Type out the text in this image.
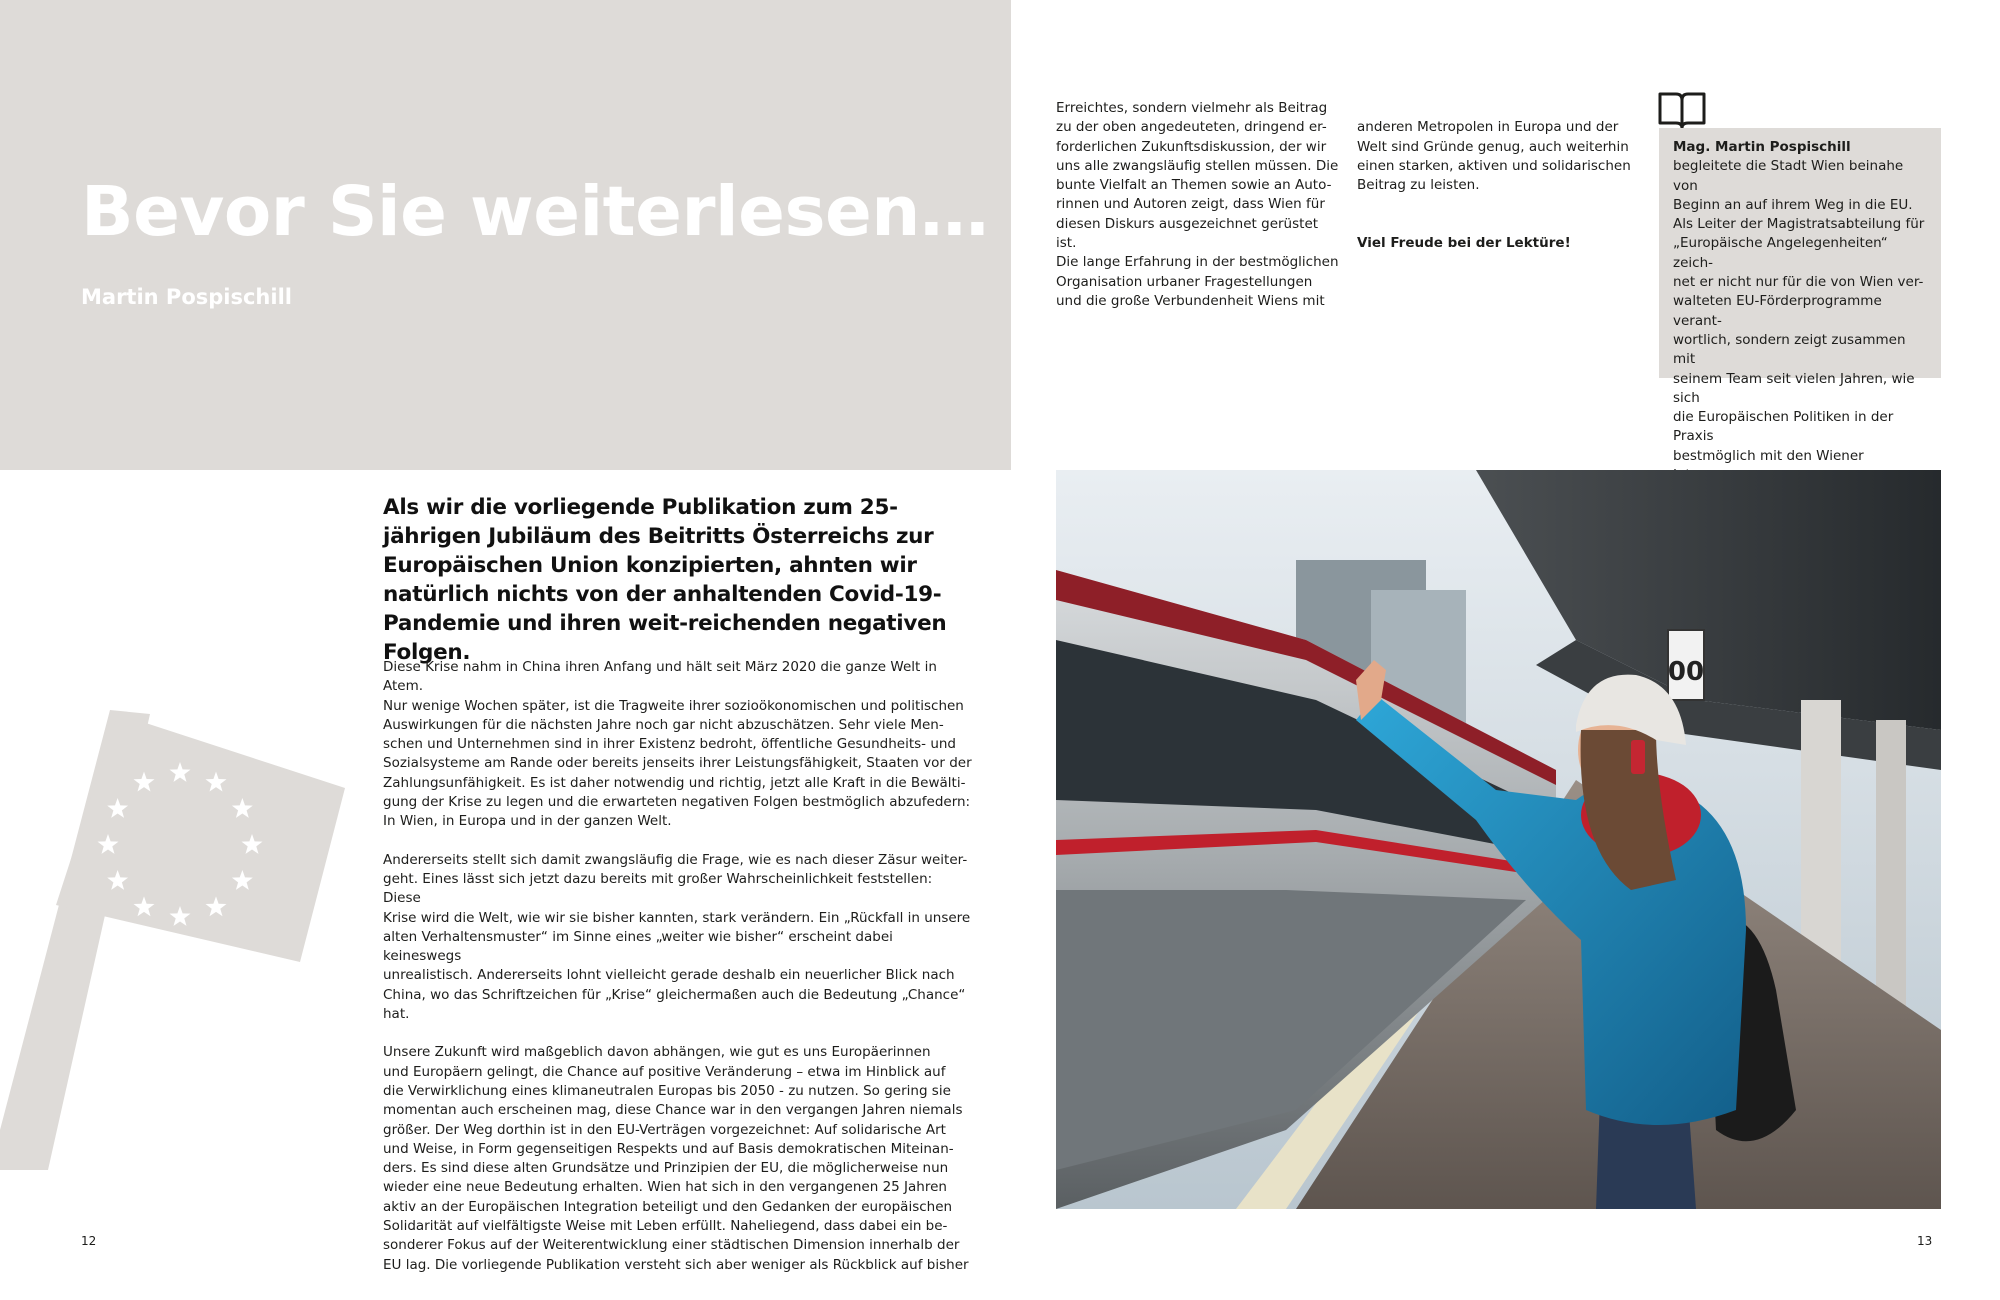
Bevor Sie weiterlesen…
Martin Pospischill
Als wir die vorliegende Publikation zum 25-jährigen Jubiläum des Beitritts Österreichs zur Europäischen Union konzipierten, ahnten wir natürlich nichts von der anhaltenden Covid-19-Pandemie und ihren weit-reichenden negativen Folgen.

Diese Krise nahm in China ihren Anfang und hält seit März 2020 die ganze Welt in Atem.
Nur wenige Wochen später, ist die Tragweite ihrer sozioökonomischen und politischen
Auswirkungen für die nächsten Jahre noch gar nicht abzuschätzen. Sehr viele Men-
schen und Unternehmen sind in ihrer Existenz bedroht, öffentliche Gesundheits- und
Sozialsysteme am Rande oder bereits jenseits ihrer Leistungsfähigkeit, Staaten vor der
Zahlungsunfähigkeit. Es ist daher notwendig und richtig, jetzt alle Kraft in die Bewälti-
gung der Krise zu legen und die erwarteten negativen Folgen bestmöglich abzufedern:
In Wien, in Europa und in der ganzen Welt.

Andererseits stellt sich damit zwangsläufig die Frage, wie es nach dieser Zäsur weiter-
geht. Eines lässt sich jetzt dazu bereits mit großer Wahrscheinlichkeit feststellen: Diese
Krise wird die Welt, wie wir sie bisher kannten, stark verändern. Ein „Rückfall in unsere
alten Verhaltensmuster“ im Sinne eines „weiter wie bisher“ erscheint dabei keineswegs
unrealistisch. Andererseits lohnt vielleicht gerade deshalb ein neuerlicher Blick nach
China, wo das Schriftzeichen für „Krise“ gleichermaßen auch die Bedeutung „Chance“
hat.

Unsere Zukunft wird maßgeblich davon abhängen, wie gut es uns Europäerinnen
und Europäern gelingt, die Chance auf positive Veränderung – etwa im Hinblick auf
die Verwirklichung eines klimaneutralen Europas bis 2050 - zu nutzen. So gering sie
momentan auch erscheinen mag, diese Chance war in den vergangen Jahren niemals
größer. Der Weg dorthin ist in den EU-Verträgen vorgezeichnet: Auf solidarische Art
und Weise, in Form gegenseitigen Respekts und auf Basis demokratischen Miteinan-
ders. Es sind diese alten Grundsätze und Prinzipien der EU, die möglicherweise nun
wieder eine neue Bedeutung erhalten. Wien hat sich in den vergangenen 25 Jahren
aktiv an der Europäischen Integration beteiligt und den Gedanken der europäischen
Solidarität auf vielfältigste Weise mit Leben erfüllt. Naheliegend, dass dabei ein be-
sonderer Fokus auf der Weiterentwicklung einer städtischen Dimension innerhalb der
EU lag. Die vorliegende Publikation versteht sich aber weniger als Rückblick auf bisher

12
Erreichtes, sondern vielmehr als Beitrag
zu der oben angedeuteten, dringend er-
forderlichen Zukunftsdiskussion, der wir
uns alle zwangsläufig stellen müssen. Die
bunte Vielfalt an Themen sowie an Auto-
rinnen und Autoren zeigt, dass Wien für
diesen Diskurs ausgezeichnet gerüstet ist.
Die lange Erfahrung in der bestmöglichen
Organisation urbaner Fragestellungen
und die große Verbundenheit Wiens mit

anderen Metropolen in Europa und der
Welt sind Gründe genug, auch weiterhin
einen starken, aktiven und solidarischen
Beitrag zu leisten.

Viel Freude bei der Lektüre!

Mag. Martin Pospischill
begleitete die Stadt Wien beinahe von
Beginn an auf ihrem Weg in die EU.
Als Leiter der Magistratsabteilung für
„Europäische Angelegenheiten“ zeich-
net er nicht nur für die von Wien ver-
walteten EU-Förderprogramme verant-
wortlich, sondern zeigt zusammen mit
seinem Team seit vielen Jahren, wie sich
die Europäischen Politiken in der Praxis
bestmöglich mit den Wiener

00
13
